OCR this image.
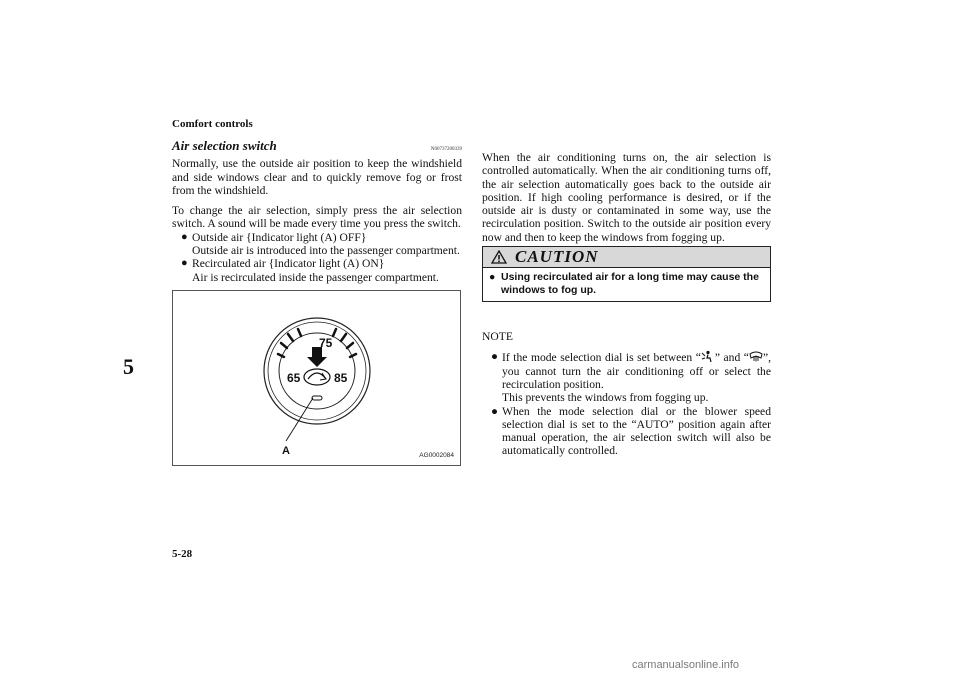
Comfort controls
5
Air selection switch	N00737200339

Normally, use the outside air position to keep the windshield and side windows clear and to quickly remove fog or frost from the windshield.

To change the air selection, simply press the air selection switch. A sound will be made every time you press the switch.

● Outside air {Indicator light (A) OFF}
Outside air is introduced into the passenger compartment.
● Recirculated air {Indicator light (A) ON}
Air is recirculated inside the passenger compartment.
75
65	85
A	AG0002084

When the air conditioning turns on, the air selection is controlled automatically. When the air conditioning turns off, the air selection automatically goes back to the outside air position. If high cooling performance is desired, or if the outside air is dusty or contaminated in some way, use the recirculation position. Switch to the outside air position every now and then to keep the windows from fogging up.

CAUTION
● Using recirculated air for a long time may cause the windows to fog up.

NOTE

● If the mode selection dial is set between “ ” and “ ”, you cannot turn the air conditioning off or select the recirculation position.
This prevents the windows from fogging up.
● When the mode selection dial or the blower speed selection dial is set to the “AUTO” position again after manual operation, the air selection switch will also be automatically controlled.
5-28
carmanualsonline.info
